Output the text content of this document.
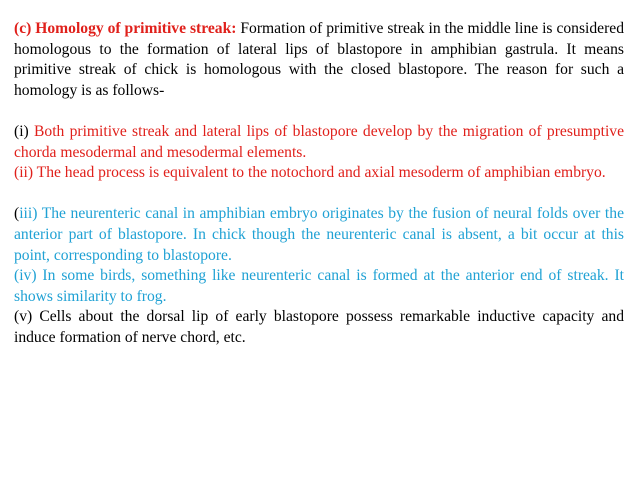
(c) Homology of primitive streak: Formation of primitive streak in the middle line is considered homologous to the formation of lateral lips of blastopore in amphibian gastrula. It means primitive streak of chick is homologous with the closed blastopore. The reason for such a homology is as follows-

(i) Both primitive streak and lateral lips of blastopore develop by the migration of presumptive chorda mesodermal and mesodermal elements.

(ii) The head process is equivalent to the notochord and axial mesoderm of amphibian embryo.

(iii) The neurenteric canal in amphibian embryo originates by the fusion of neural folds over the anterior part of blastopore. In chick though the neurenteric canal is absent, a bit occur at this point, corresponding to blastopore.

(iv) In some birds, something like neurenteric canal is formed at the anterior end of streak. It shows similarity to frog.

(v) Cells about the dorsal lip of early blastopore possess remarkable inductive capacity and induce formation of nerve chord, etc.
